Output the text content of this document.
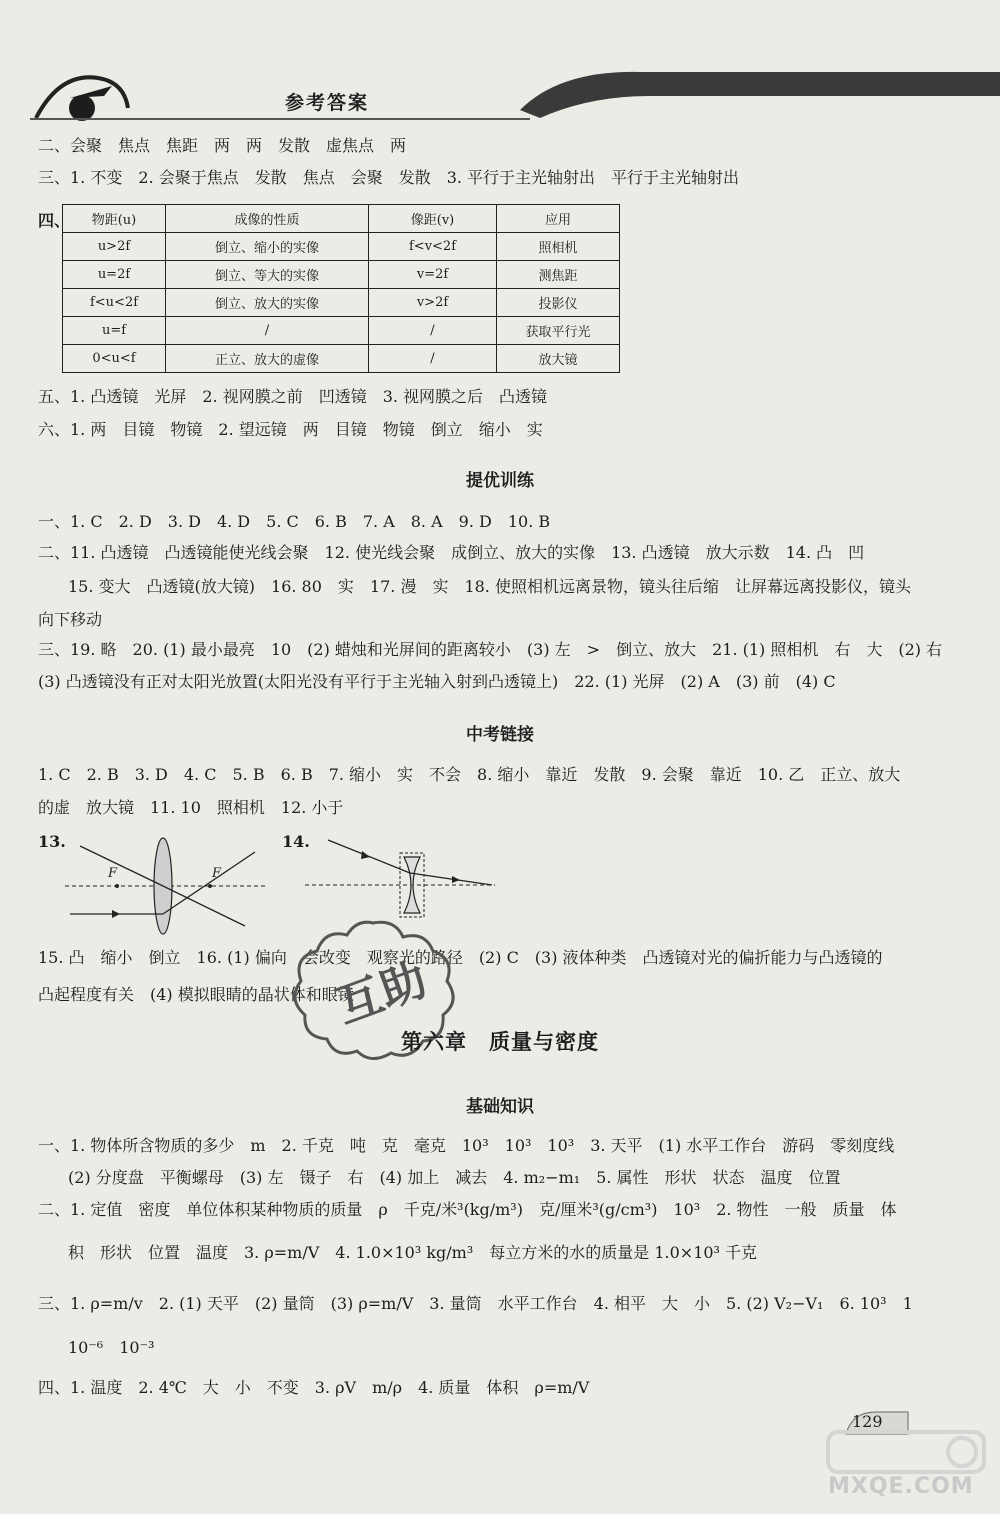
参考答案
二、会聚　焦点　焦距　两　两　发散　虚焦点　两
三、1. 不变　2. 会聚于焦点　发散　焦点　会聚　发散　3. 平行于主光轴射出　平行于主光轴射出
四、 物距(u)	成像的性质	像距(v)	应用
u>2f	倒立、缩小的实像	f<v<2f	照相机
u=2f	倒立、等大的实像	v=2f	测焦距
f<u<2f	倒立、放大的实像	v>2f	投影仪
u=f	/	/	获取平行光
0<u<f	正立、放大的虚像	/	放大镜
五、1. 凸透镜　光屏　2. 视网膜之前　凹透镜　3. 视网膜之后　凸透镜
六、1. 两　目镜　物镜　2. 望远镜　两　目镜　物镜　倒立　缩小　实
提优训练
一、1. C　2. D　3. D　4. D　5. C　6. B　7. A　8. A　9. D　10. B
二、11. 凸透镜　凸透镜能使光线会聚　12. 使光线会聚　成倒立、放大的实像　13. 凸透镜　放大示数　14. 凸　凹
15. 变大　凸透镜(放大镜)　16. 80　实　17. 漫　实　18. 使照相机远离景物，镜头往后缩　让屏幕远离投影仪，镜头
向下移动
三、19. 略　20. (1) 最小最亮　10　(2) 蜡烛和光屏间的距离较小　(3) 左　>　倒立、放大　21. (1) 照相机　右　大　(2) 右
(3) 凸透镜没有正对太阳光放置(太阳光没有平行于主光轴入射到凸透镜上)　22. (1) 光屏　(2) A　(3) 前　(4) C
中考链接
1. C　2. B　3. D　4. C　5. B　6. B　7. 缩小　实　不会　8. 缩小　靠近　发散　9. 会聚　靠近　10. 乙　正立、放大
的虚　放大镜　11. 10　照相机　12. 小于
13.
F	F
14.
15. 凸　缩小　倒立　16. (1) 偏向　会改变　观察光的路径　(2) C　(3) 液体种类　凸透镜对光的偏折能力与凸透镜的
凸起程度有关　(4) 模拟眼睛的晶状体和眼镜
互助
第六章　质量与密度
基础知识
一、1. 物体所含物质的多少　m　2. 千克　吨　克　毫克　10³　10³　10³　3. 天平　(1) 水平工作台　游码　零刻度线
(2) 分度盘　平衡螺母　(3) 左　镊子　右　(4) 加上　减去　4. m₂−m₁　5. 属性　形状　状态　温度　位置
二、1. 定值　密度　单位体积某种物质的质量　ρ　千克/米³(kg/m³)　克/厘米³(g/cm³)　10³　2. 物性　一般　质量　体
积　形状　位置　温度　3. ρ=m/V　4. 1.0×10³ kg/m³　每立方米的水的质量是 1.0×10³ 千克
三、1. ρ=m/v　2. (1) 天平　(2) 量筒　(3) ρ=m/V　3. 量筒　水平工作台　4. 相平　大　小　5. (2) V₂−V₁　6. 10³　1
10⁻⁶　10⁻³
四、1. 温度　2. 4℃　大　小　不变　3. ρV　m/ρ　4. 质量　体积　ρ=m/V
129
MXQE.COM
